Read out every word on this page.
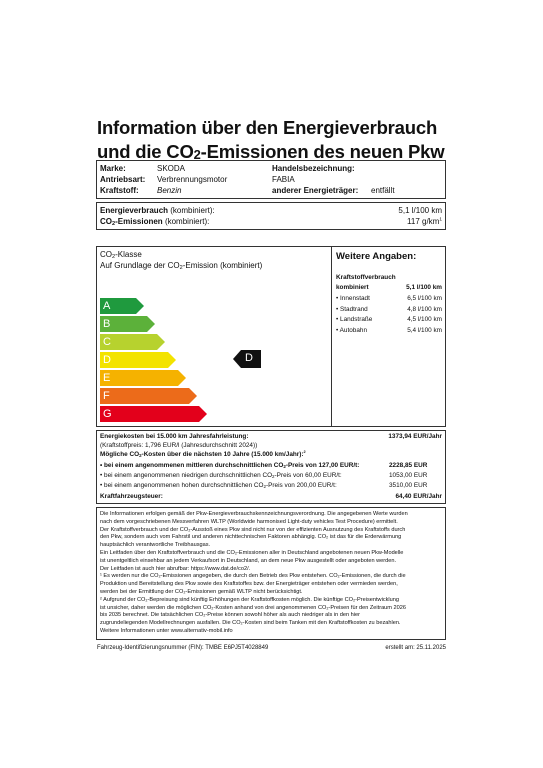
Information über den Energieverbrauch
und die $CO_2$-Emissionen des neuen Pkw
Marke:	SKODA
Antriebsart: Verbrennungsmotor
Kraftstoff: Benzin
Handelsbezeichnung:
FABIA
anderer Energieträger: entfällt
Energieverbrauch (kombiniert):	5,1 l/100 km
$CO_2$-Emissionen (kombiniert):	117 $g/km^1$
$CO_2$-Klasse
Auf Grundlage der $CO_2$-Emission (kombiniert)
A
B
C
D
E
F
G
D
Weitere Angaben:
Kraftstoffverbrauch
kombiniert	5,1 l/100 km
• Innenstadt	6,5 l/100 km
• Stadtrand	4,8 l/100 km
• Landstraße	4,5 l/100 km
• Autobahn	5,4 l/100 km
Energiekosten bei 15.000 km Jahresfahrleistung:	1373,94 EUR/Jahr
(Kraftstoffpreis: 1,796 EUR/l (Jahresdurchschnitt 2024))
Mögliche $CO_2$-Kosten über die nächsten 10 Jahre (15.000 km/Jahr):$^2$
• bei einem angenommenen mittleren durchschnittlichen $CO_2$-Preis von 127,00 EUR/t:	2228,85 EUR
• bei einem angenommenen niedrigen durchschnittlichen $CO_2$-Preis von 60,00 EUR/t:	1053,00 EUR
• bei einem angenommenen hohen durchschnittlichen $CO_2$-Preis von 200,00 EUR/t:	3510,00 EUR
Kraftfahrzeugsteuer:	64,40 EUR/Jahr
Die Informationen erfolgen gemäß der Pkw-Energieverbrauchskennzeichnungsverordnung. Die angegebenen Werte wurden
nach dem vorgeschriebenen Messverfahren WLTP (Worldwide harmonised Light-duty vehicles Test Procedure) ermittelt.
Der Kraftstoffverbrauch und der CO₂-Ausstoß eines Pkw sind nicht nur von der effizienten Ausnutzung des Kraftstoffs durch
den Pkw, sondern auch vom Fahrstil und anderen nichttechnischen Faktoren abhängig. CO₂ ist das für die Erderwärmung
hauptsächlich verantwortliche Treibhausgas.
Ein Leitfaden über den Kraftstoffverbrauch und die CO₂-Emissionen aller in Deutschland angebotenen neuen Pkw-Modelle
ist unentgeltlich einsehbar an jedem Verkaufsort in Deutschland, an dem neue Pkw ausgestellt oder angeboten werden.
Der Leitfaden ist auch hier abrufbar: https://www.dat.de/co2/.
¹ Es werden nur die CO₂-Emissionen angegeben, die durch den Betrieb des Pkw entstehen. CO₂-Emissionen, die durch die
Produktion und Bereitstellung des Pkw sowie des Kraftstoffes bzw. der Energieträger entstehen oder vermieden werden,
werden bei der Ermittlung der CO₂-Emissionen gemäß WLTP nicht berücksichtigt.
² Aufgrund der CO₂-Bepreisung sind künftig Erhöhungen der Kraftstoffkosten möglich. Die künftige CO₂-Preisentwicklung
ist unsicher, daher werden die möglichen CO₂-Kosten anhand von drei angenommenen CO₂-Preisen für den Zeitraum 2026
bis 2035 berechnet. Die tatsächlichen CO₂-Preise können sowohl höher als auch niedriger als in den hier
zugrundeliegenden Modellrechnungen ausfallen. Die CO₂-Kosten sind beim Tanken mit den Kraftstoffkosten zu bezahlen.
Weitere Informationen unter www.alternativ-mobil.info
Fahrzeug-Identifizierungsnummer (FIN): TMBE E6PJ5T4028849	erstellt am: 25.11.2025
